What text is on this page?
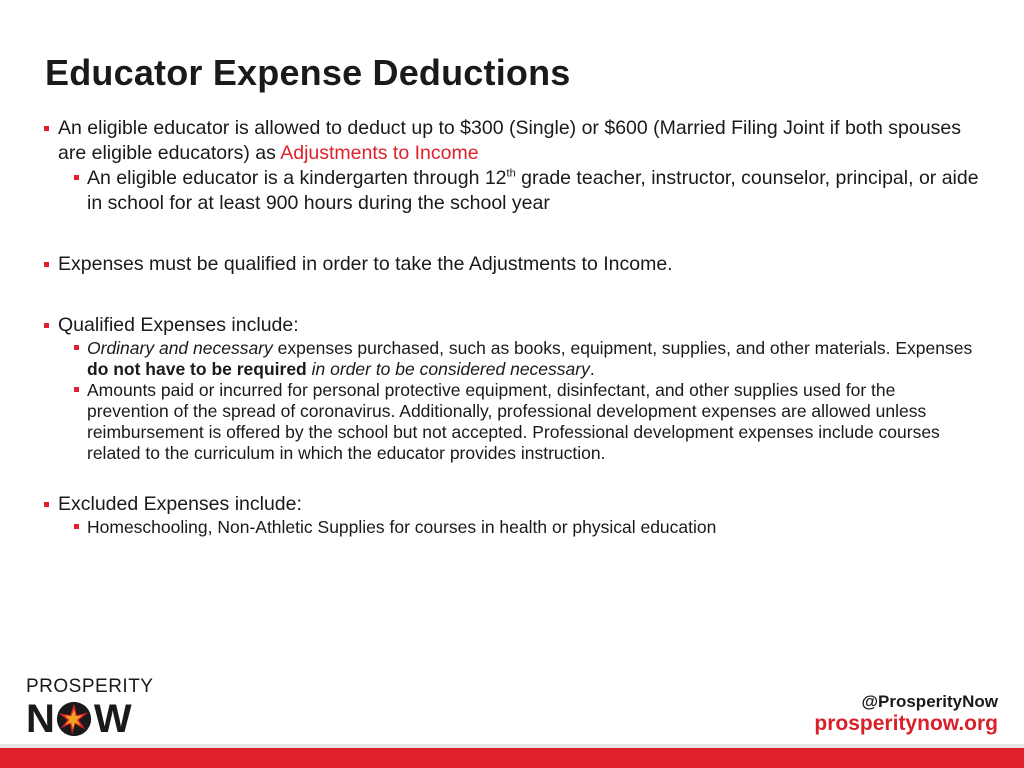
Educator Expense Deductions
An eligible educator is allowed to deduct up to $300 (Single) or $600 (Married Filing Joint if both spouses are eligible educators) as Adjustments to Income
An eligible educator is a kindergarten through 12th grade teacher, instructor, counselor, principal, or aide in school for at least 900 hours during the school year
Expenses must be qualified in order to take the Adjustments to Income.
Qualified Expenses include:
Ordinary and necessary expenses purchased, such as books, equipment, supplies, and other materials. Expenses do not have to be required in order to be considered necessary.
Amounts paid or incurred for personal protective equipment, disinfectant, and other supplies used for the prevention of the spread of coronavirus. Additionally, professional development expenses are allowed unless reimbursement is offered by the school but not accepted. Professional development expenses include courses related to the curriculum in which the educator provides instruction.
Excluded Expenses include:
Homeschooling, Non-Athletic Supplies for courses in health or physical education
PROSPERITY
N W	@ProsperityNow
prosperitynow.org
